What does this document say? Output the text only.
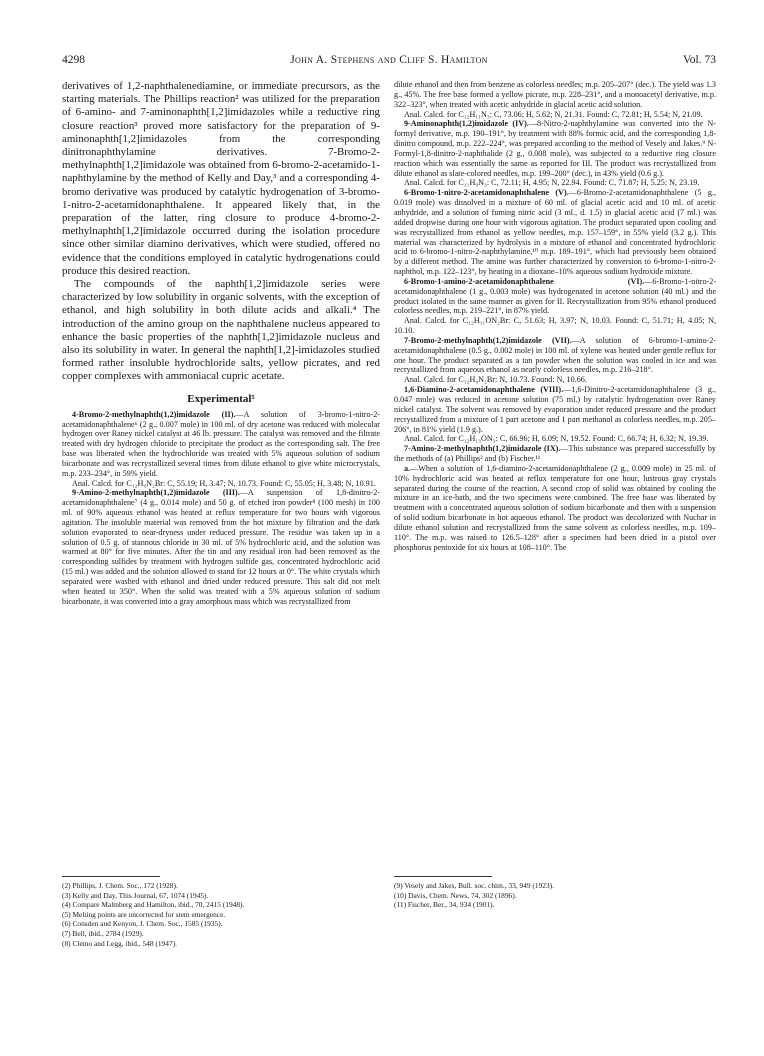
4298	John A. Stephens and Cliff S. Hamilton	Vol. 73

derivatives of 1,2-naphthalenediamine, or immediate precursors, as the starting materials. The Phillips reaction² was utilized for the preparation of 6-amino- and 7-aminonaphth[1,2]imidazoles while a reductive ring closure reaction³ proved more satisfactory for the preparation of 9-aminonaphth[1,2]imidazoles from the corresponding dinitronaphthylamine derivatives. 7-Bromo-2-methylnaphth[1,2]imidazole was obtained from 6-bromo-2-acetamido-1-naphthylamine by the method of Kelly and Day,³ and a corresponding 4-bromo derivative was produced by catalytic hydrogenation of 3-bromo-1-nitro-2-acetamidonaphthalene. It appeared likely that, in the preparation of the latter, ring closure to produce 4-bromo-2-methylnaphth[1,2]imidazole occurred during the isolation procedure since other similar diamino derivatives, which were studied, offered no evidence that the conditions employed in catalytic hydrogenations could produce this desired reaction.

The compounds of the naphth[1,2]imidazole series were characterized by low solubility in organic solvents, with the exception of ethanol, and high solubility in both dilute acids and alkali.⁴ The introduction of the amino group on the naphthalene nucleus appeared to enhance the basic properties of the naphth[1,2]imidazole nucleus and also its solubility in water. In general the naphth[1,2]-imidazoles studied formed rather insoluble hydrochloride salts, yellow picrates, and red copper complexes with ammoniacal cupric acetate.

Experimental⁵

4-Bromo-2-methylnaphth(1,2)imidazole (II).—A solution of 3-bromo-1-nitro-2-acetamidonaphthalene⁶ (2 g., 0.007 mole) in 100 ml. of dry acetone was reduced with molecular hydrogen over Raney nickel catalyst at 46 lb. pressure. The catalyst was removed and the filtrate treated with dry hydrogen chloride to precipitate the product as the corresponding salt. The free base was liberated when the hydrochloride was treated with 5% aqueous solution of sodium bicarbonate and was recrystallized several times from dilute ethanol to give white microcrystals, m.p. 233–234°, in 59% yield.

Anal. Calcd. for C₁₂H₉N₂Br: C, 55.19; H, 3.47; N, 10.73. Found: C, 55.05; H, 3.48; N, 10.91.

9-Amino-2-methylnaphth(1,2)imidazole (III).—A suspension of 1,8-dinitro-2-acetamidonaphthalene⁷ (4 g., 0.014 mole) and 50 g. of etched iron powder⁸ (100 mesh) in 100 ml. of 90% aqueous ethanol was heated at reflux temperature for two hours with vigorous agitation. The insoluble material was removed from the hot mixture by filtration and the dark solution evaporated to near-dryness under reduced pressure. The residue was taken up in a solution of 0.5 g. of stannous chloride in 30 ml. of 5% hydrochloric acid, and the solution was warmed at 80° for five minutes. After the tin and any residual iron had been removed as the corresponding sulfides by treatment with hydrogen sulfide gas, concentrated hydrochloric acid (15 ml.) was added and the solution allowed to stand for 12 hours at 0°. The white crystals which separated were washed with ethanol and dried under reduced pressure. This salt did not melt when heated to 350°. When the solid was treated with a 5% aqueous solution of sodium bicarbonate, it was converted into a gray amorphous mass which was recrystallized from

dilute ethanol and then from benzene as colorless needles; m.p. 205–207° (dec.). The yield was 1.3 g., 45%. The free base formed a yellow picrate, m.p. 228–231°, and a monoacetyl derivative, m.p. 322–323°, when treated with acetic anhydride in glacial acetic acid solution.

Anal. Calcd. for C₁₂H₁₁N₃: C, 73.06; H, 5.62; N, 21.31. Found: C, 72.81; H, 5.54; N, 21.09.

9-Aminonaphth(1,2)imidazole (IV).—8-Nitro-2-naphthylamine was converted into the N-formyl derivative, m.p. 190–191°, by treatment with 88% formic acid, and the corresponding 1,8-dinitro compound, m.p. 222–224°, was prepared according to the method of Vesely and Jakes.⁹ N-Formyl-1,8-dinitro-2-naphthalide (2 g., 0.008 mole), was subjected to a reductive ring closure reaction which was essentially the same as reported for III. The product was recrystallized from dilute ethanol as slate-colored needles, m.p. 199–200° (dec.), in 43% yield (0.6 g.).

Anal. Calcd. for C₁₁H₉N₃: C, 72.11; H, 4.95; N, 22.94. Found: C, 71.87; H, 5.25; N, 23.19.

6-Bromo-1-nitro-2-acetamidonaphthalene (V).—6-Bromo-2-acetamidonaphthalene (5 g., 0.019 mole) was dissolved in a mixture of 60 ml. of glacial acetic acid and 10 ml. of acetic anhydride, and a solution of fuming nitric acid (3 ml., d. 1.5) in glacial acetic acid (7 ml.) was added dropwise during one hour with vigorous agitation. The product separated upon cooling and was recrystallized from ethanol as yellow needles, m.p. 157–159°, in 55% yield (3.2 g.). This material was characterized by hydrolysis in a mixture of ethanol and concentrated hydrochloric acid to 6-bromo-1-nitro-2-naphthylamine,¹⁰ m.p. 189–191°, which had previously been obtained by a different method. The amine was further characterized by conversion to 6-bromo-1-nitro-2-naphthol, m.p. 122–123°, by heating in a dioxane–10% aqueous sodium hydroxide mixture.

6-Bromo-1-amino-2-acetamidonaphthalene (VI).—6-Bromo-1-nitro-2-acetamidonaphthalene (1 g., 0.003 mole) was hydrogenated in acetone solution (40 ml.) and the product isolated in the same manner as given for II. Recrystallization from 95% ethanol produced colorless needles, m.p. 219–221°, in 87% yield.

Anal. Calcd. for C₁₂H₁₁ON₂Br: C, 51.63; H, 3.97; N, 10.03. Found: C, 51.71; H, 4.05; N, 10.10.

7-Bromo-2-methylnaphth(1,2)imidazole (VII).—A solution of 6-bromo-1-amino-2-acetamidonaphthalene (0.5 g., 0.002 mole) in 100 ml. of xylene was heated under gentle reflux for one hour. The product separated as a tan powder when the solution was cooled in ice and was recrystallized from aqueous ethanol as nearly colorless needles, m.p. 216–218°.

Anal. Calcd. for C₁₂H₉N₂Br: N, 10.73. Found: N, 10.66.

1,6-Diamino-2-acetamidonaphthalene (VIII).—1,6-Dinitro-2-acetamidonaphthalene (3 g., 0.047 mole) was reduced in acetone solution (75 ml.) by catalytic hydrogenation over Raney nickel catalyst. The solvent was removed by evaporation under reduced pressure and the product recrystallized from a mixture of 1 part acetone and 1 part methanol as colorless needles, m.p. 205–206°, in 81% yield (1.9 g.).

Anal. Calcd. for C₁₂H₁₃ON₃: C, 66.96; H, 6.09; N, 19.52. Found: C, 66.74; H, 6.32; N, 19.39.

7-Amino-2-methylnaphth(1,2)imidazole (IX).—This substance was prepared successfully by the methods of (a) Phillips² and (b) Fischer.¹¹

a.—When a solution of 1,6-diamino-2-acetamidonaphthalene (2 g., 0.009 mole) in 25 ml. of 10% hydrochloric acid was heated at reflux temperature for one hour, lustrous gray crystals separated during the course of the reaction. A second crop of solid was obtained by cooling the mixture in an ice-bath, and the two specimens were combined. The free base was liberated by treatment with a concentrated aqueous solution of sodium bicarbonate and then with a suspension of solid sodium bicarbonate in hot aqueous ethanol. The product was decolorized with Nuchar in dilute ethanol solution and recrystallized from the same solvent as colorless needles, m.p. 109–110°. The m.p. was raised to 126.5–128° after a specimen had been dried in a pistol over phosphorus pentoxide for six hours at 108–110°. The

(2) Phillips, J. Chem. Soc., 172 (1928).
(3) Kelly and Day, This Journal, 67, 1074 (1945).
(4) Compare Malmberg and Hamilton, ibid., 70, 2415 (1948).
(5) Melting points are uncorrected for stem emergence.
(6) Consden and Kenyon, J. Chem. Soc., 1585 (1935).
(7) Bell, ibid., 2784 (1929).
(8) Clemo and Legg, ibid., 548 (1947).
(9) Vesely and Jakes, Bull. soc. chim., 33, 949 (1923).
(10) Davis, Chem. News, 74, 302 (1896).
(11) Fischer, Ber., 34, 934 (1901).
